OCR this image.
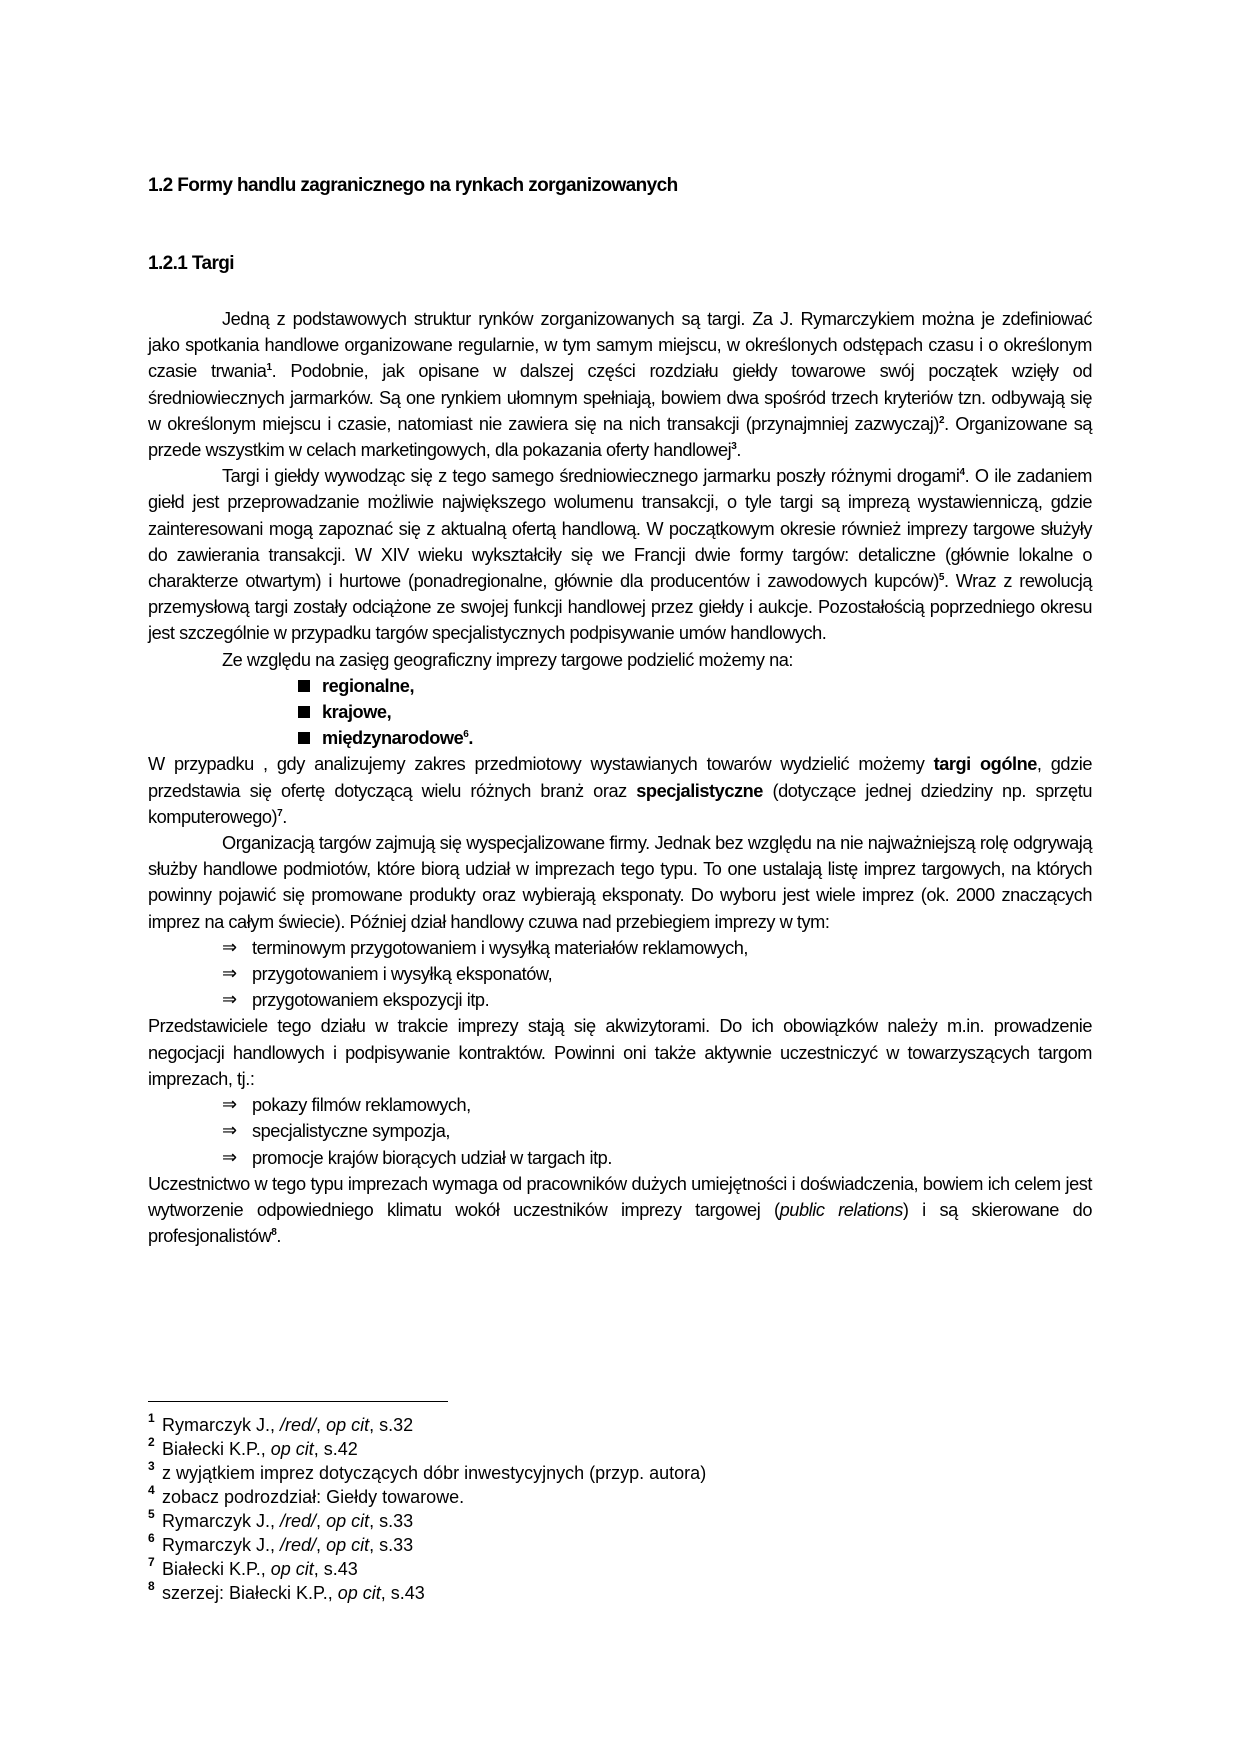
1.2 Formy handlu zagranicznego na rynkach zorganizowanych
1.2.1 Targi

Jedną z podstawowych struktur rynków zorganizowanych są targi. Za J. Rymarczykiem można je zdefiniować jako spotkania handlowe organizowane regularnie, w tym samym miejscu, w określonych odstępach czasu i o określonym czasie trwania$^1$. Podobnie, jak opisane w dalszej części rozdziału giełdy towarowe swój początek wzięły od średniowiecznych jarmarków. Są one rynkiem ułomnym spełniają, bowiem dwa spośród trzech kryteriów tzn. odbywają się w określonym miejscu i czasie, natomiast nie zawiera się na nich transakcji (przynajmniej zazwyczaj)$^2$. Organizowane są przede wszystkim w celach marketingowych, dla pokazania oferty handlowej$^3$.

Targi i giełdy wywodząc się z tego samego średniowiecznego jarmarku poszły różnymi drogami$^4$. O ile zadaniem giełd jest przeprowadzanie możliwie największego wolumenu transakcji, o tyle targi są imprezą wystawienniczą, gdzie zainteresowani mogą zapoznać się z aktualną ofertą handlową. W początkowym okresie również imprezy targowe służyły do zawierania transakcji. W XIV wieku wykształciły się we Francji dwie formy targów: detaliczne (głównie lokalne o charakterze otwartym) i hurtowe (ponadregionalne, głównie dla producentów i zawodowych kupców)$^5$. Wraz z rewolucją przemysłową targi zostały odciążone ze swojej funkcji handlowej przez giełdy i aukcje. Pozostałością poprzedniego okresu jest szczególnie w przypadku targów specjalistycznych podpisywanie umów handlowych.

Ze względu na zasięg geograficzny imprezy targowe podzielić możemy na:

regionalne,
krajowe,
międzynarodowe$^6$.

W przypadku , gdy analizujemy zakres przedmiotowy wystawianych towarów wydzielić możemy targi ogólne, gdzie przedstawia się ofertę dotyczącą wielu różnych branż oraz specjalistyczne (dotyczące jednej dziedziny np. sprzętu komputerowego)$^7$.

Organizacją targów zajmują się wyspecjalizowane firmy. Jednak bez względu na nie najważniejszą rolę odgrywają służby handlowe podmiotów, które biorą udział w imprezach tego typu. To one ustalają listę imprez targowych, na których powinny pojawić się promowane produkty oraz wybierają eksponaty. Do wyboru jest wiele imprez (ok. 2000 znaczących imprez na całym świecie). Później dział handlowy czuwa nad przebiegiem imprezy w tym:

⇒ terminowym przygotowaniem i wysyłką materiałów reklamowych,
⇒ przygotowaniem i wysyłką eksponatów,
⇒ przygotowaniem ekspozycji itp.

Przedstawiciele tego działu w trakcie imprezy stają się akwizytorami. Do ich obowiązków należy m.in. prowadzenie negocjacji handlowych i podpisywanie kontraktów. Powinni oni także aktywnie uczestniczyć w towarzyszących targom imprezach, tj.:

⇒ pokazy filmów reklamowych,
⇒ specjalistyczne sympozja,
⇒ promocje krajów biorących udział w targach itp.

Uczestnictwo w tego typu imprezach wymaga od pracowników dużych umiejętności i doświadczenia, bowiem ich celem jest wytworzenie odpowiedniego klimatu wokół uczestników imprezy targowej (public relations) i są skierowane do profesjonalistów$^8$.

1 Rymarczyk J., /red/, op cit, s.32
2 Białecki K.P., op cit, s.42
3 z wyjątkiem imprez dotyczących dóbr inwestycyjnych (przyp. autora)
4 zobacz podrozdział: Giełdy towarowe.
5 Rymarczyk J., /red/, op cit, s.33
6 Rymarczyk J., /red/, op cit, s.33
7 Białecki K.P., op cit, s.43
8 szerzej: Białecki K.P., op cit, s.43
